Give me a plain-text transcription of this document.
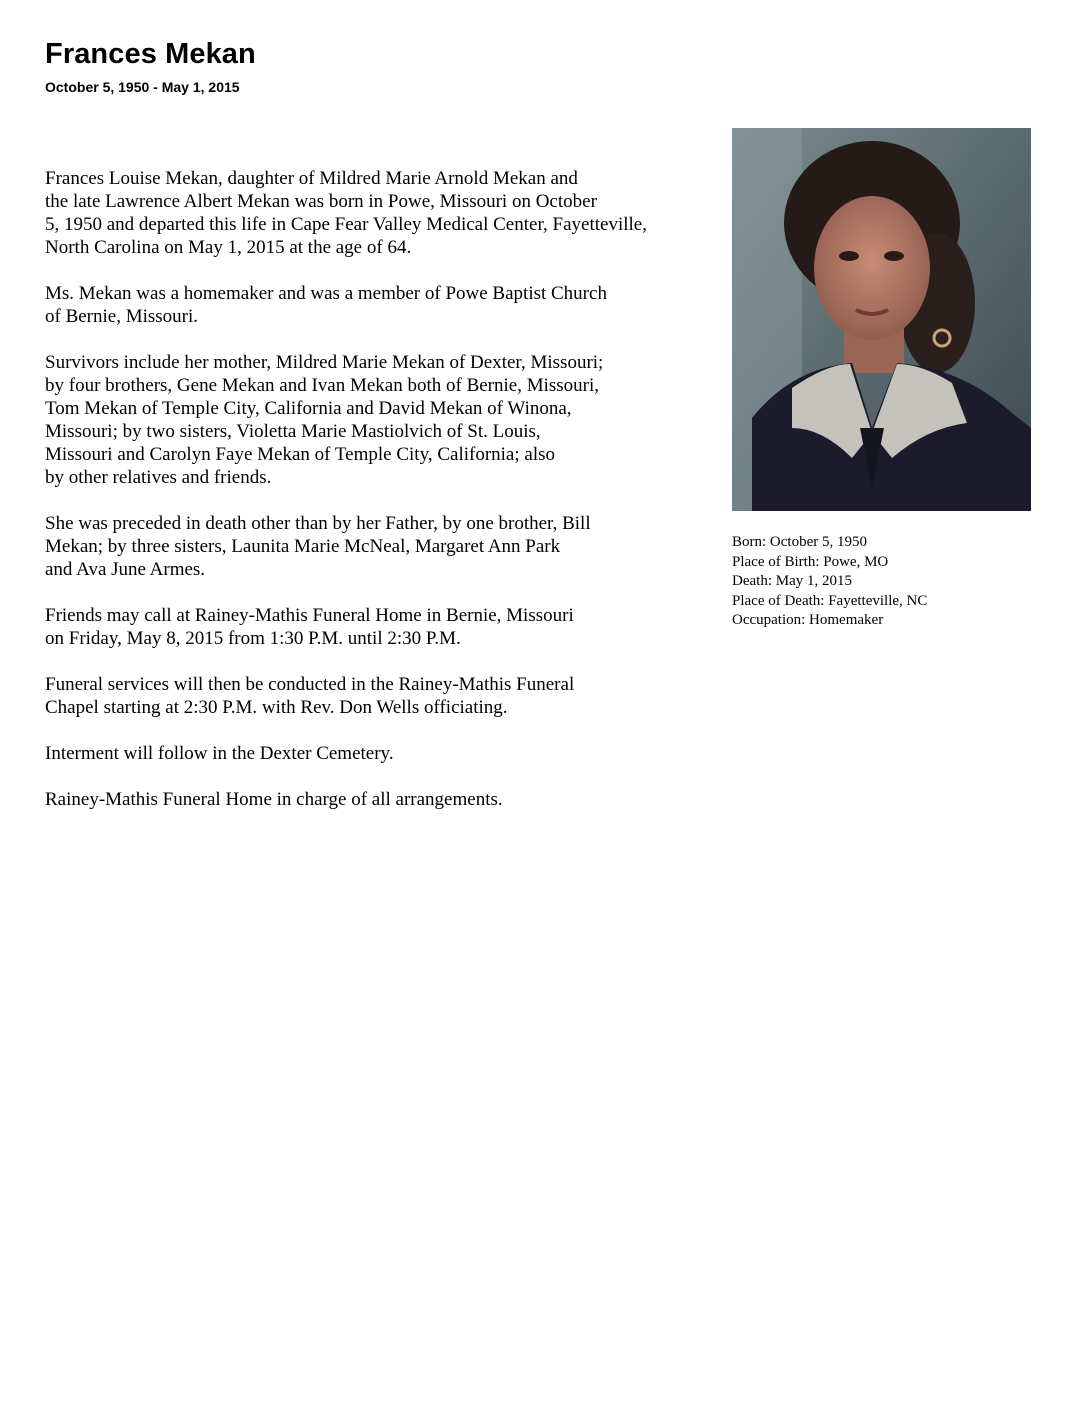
Frances Mekan
October 5, 1950 - May 1, 2015

Frances Louise Mekan, daughter of Mildred Marie Arnold Mekan and
the late Lawrence Albert Mekan was born in Powe, Missouri on October
5, 1950 and departed this life in Cape Fear Valley Medical Center, Fayetteville,
North Carolina on May 1, 2015 at the age of 64.

Ms. Mekan was a homemaker and was a member of Powe Baptist Church
of Bernie, Missouri.

Survivors include her mother, Mildred Marie Mekan of Dexter, Missouri;
by four brothers, Gene Mekan and Ivan Mekan both of Bernie, Missouri,
Tom Mekan of Temple City, California and David Mekan of Winona,
Missouri; by two sisters, Violetta Marie Mastiolvich of St. Louis,
Missouri and Carolyn Faye Mekan of Temple City, California; also
by other relatives and friends.

She was preceded in death other than by her Father, by one brother, Bill
Mekan; by three sisters, Launita Marie McNeal, Margaret Ann Park
and Ava June Armes.

Friends may call at Rainey-Mathis Funeral Home in Bernie, Missouri
on Friday, May 8, 2015 from 1:30 P.M. until 2:30 P.M.

Funeral services will then be conducted in the Rainey-Mathis Funeral
Chapel starting at 2:30 P.M. with Rev. Don Wells officiating.

Interment will follow in the Dexter Cemetery.

Rainey-Mathis Funeral Home in charge of all arrangements.

Born: October 5, 1950
Place of Birth: Powe, MO
Death: May 1, 2015
Place of Death: Fayetteville, NC
Occupation: Homemaker
